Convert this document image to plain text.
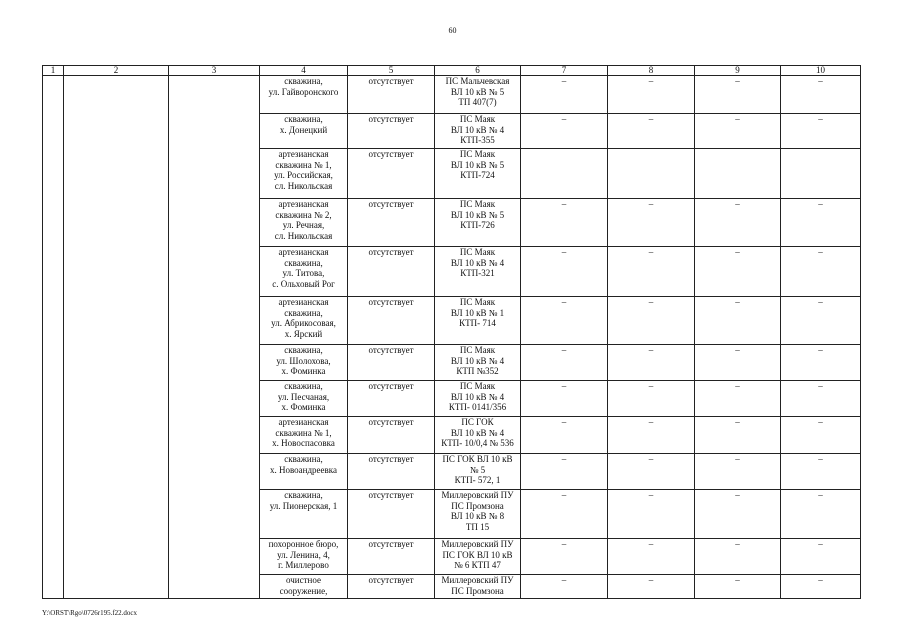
60
1	2	3	4	5	6	7	8	9	10
			скважина,
ул. Гайворонского	отсутствует	ПС Мальчевская
ВЛ 10 кВ № 5
ТП 407(7)	–	–	–	–
			скважина,
х. Донецкий	отсутствует	ПС Маяк
ВЛ 10 кВ № 4
КТП-355	–	–	–	–
			артезианская
скважина № 1,
ул. Российская,
сл. Никольская	отсутствует	ПС Маяк
ВЛ 10 кВ № 5
КТП-724				
			артезианская
скважина № 2,
ул. Речная,
сл. Никольская	отсутствует	ПС Маяк
ВЛ 10 кВ № 5
КТП-726	–	–	–	–
			артезианская
скважина,
ул. Титова,
с. Ольховый Рог	отсутствует	ПС Маяк
ВЛ 10 кВ № 4
КТП-321	–	–	–	–
			артезианская
скважина,
ул. Абрикосовая,
х. Ярский	отсутствует	ПС Маяк
ВЛ 10 кВ № 1
КТП- 714	–	–	–	–
			скважина,
ул. Шолохова,
х. Фоминка	отсутствует	ПС Маяк
ВЛ 10 кВ № 4
КТП №352	–	–	–	–
			скважина,
ул. Песчаная,
х. Фоминка	отсутствует	ПС Маяк
ВЛ 10 кВ № 4
КТП- 0141/356	–	–	–	–
			артезианская
скважина № 1,
х. Новоспасовка	отсутствует	ПС ГОК
ВЛ 10 кВ № 4
КТП- 10/0,4 № 536	–	–	–	–
			скважина,
х. Новоандреевка	отсутствует	ПС ГОК ВЛ 10 кВ
№ 5
КТП- 572, 1	–	–	–	–
			скважина,
ул. Пионерская, 1	отсутствует	Миллеровский ПУ
ПС Промзона
ВЛ 10 кВ № 8
ТП 15	–	–	–	–
			похоронное бюро,
ул. Ленина, 4,
г. Миллерово	отсутствует	Миллеровский ПУ
ПС ГОК ВЛ 10 кВ
№ 6 КТП 47	–	–	–	–
			очистное
сооружение,	отсутствует	Миллеровский ПУ
ПС Промзона	–	–	–	–
Y:\ORST\Rgo\0726r195.f22.docx
